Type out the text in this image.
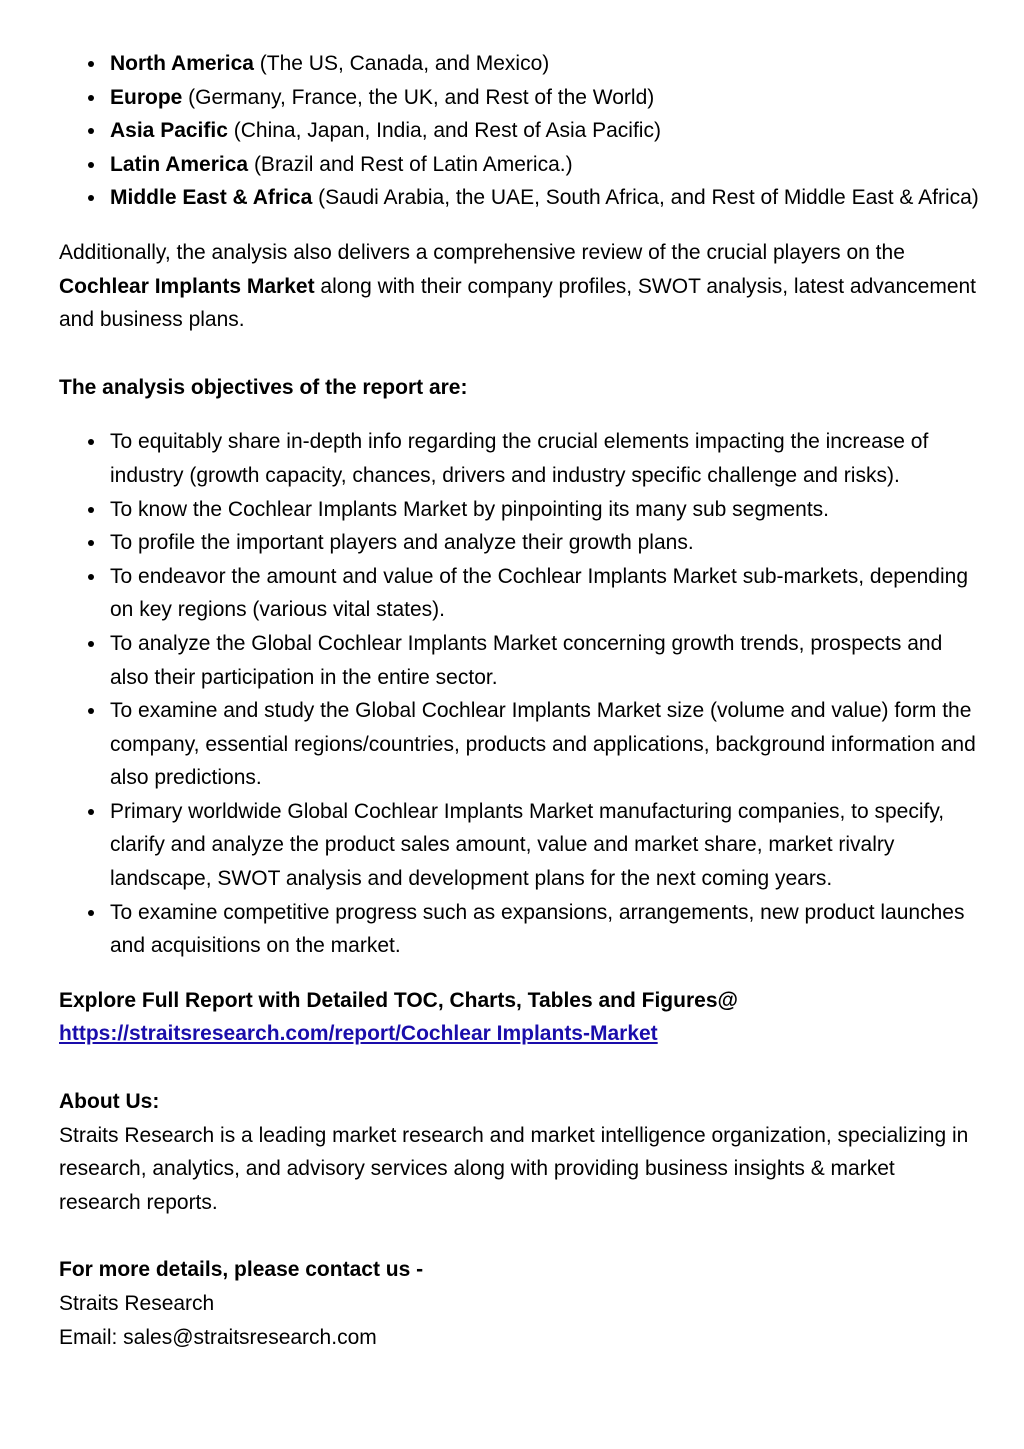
North America (The US, Canada, and Mexico)
Europe (Germany, France, the UK, and Rest of the World)
Asia Pacific (China, Japan, India, and Rest of Asia Pacific)
Latin America (Brazil and Rest of Latin America.)
Middle East & Africa (Saudi Arabia, the UAE, South Africa, and Rest of Middle East & Africa)

Additionally, the analysis also delivers a comprehensive review of the crucial players on the Cochlear Implants Market along with their company profiles, SWOT analysis, latest advancement and business plans.

The analysis objectives of the report are:

To equitably share in-depth info regarding the crucial elements impacting the increase of industry (growth capacity, chances, drivers and industry specific challenge and risks).
To know the Cochlear Implants Market by pinpointing its many sub segments.
To profile the important players and analyze their growth plans.
To endeavor the amount and value of the Cochlear Implants Market sub-markets, depending on key regions (various vital states).
To analyze the Global Cochlear Implants Market concerning growth trends, prospects and also their participation in the entire sector.
To examine and study the Global Cochlear Implants Market size (volume and value) form the company, essential regions/countries, products and applications, background information and also predictions.
Primary worldwide Global Cochlear Implants Market manufacturing companies, to specify, clarify and analyze the product sales amount, value and market share, market rivalry landscape, SWOT analysis and development plans for the next coming years.
To examine competitive progress such as expansions, arrangements, new product launches and acquisitions on the market.

Explore Full Report with Detailed TOC, Charts, Tables and Figures@

https://straitsresearch.com/report/Cochlear Implants-Market

About Us:

Straits Research is a leading market research and market intelligence organization, specializing in research, analytics, and advisory services along with providing business insights & market research reports.

For more details, please contact us -

Straits Research

Email: sales@straitsresearch.com
